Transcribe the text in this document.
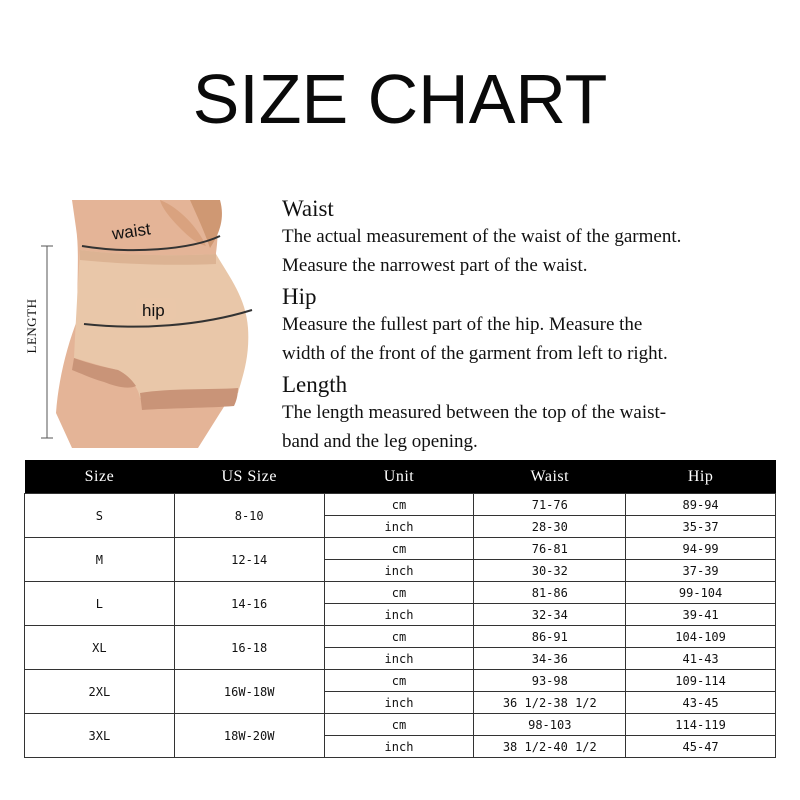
SIZE CHART
waist
hip
LENGTH
Waist

The actual measurement of the waist of the garment.

Measure the narrowest part of the waist.

Hip

Measure the fullest part of the hip. Measure the

width of the front of the garment from left to right.

Length

The length measured between the top of the waist-

band and the leg opening.

Size	US Size	Unit	Waist	Hip
S	8-10	cm	71-76	89-94
		inch	28-30	35-37
M	12-14	cm	76-81	94-99
		inch	30-32	37-39
L	14-16	cm	81-86	99-104
		inch	32-34	39-41
XL	16-18	cm	86-91	104-109
		inch	34-36	41-43
2XL	16W-18W	cm	93-98	109-114
		inch	36 1/2-38 1/2	43-45
3XL	18W-20W	cm	98-103	114-119
		inch	38 1/2-40 1/2	45-47
